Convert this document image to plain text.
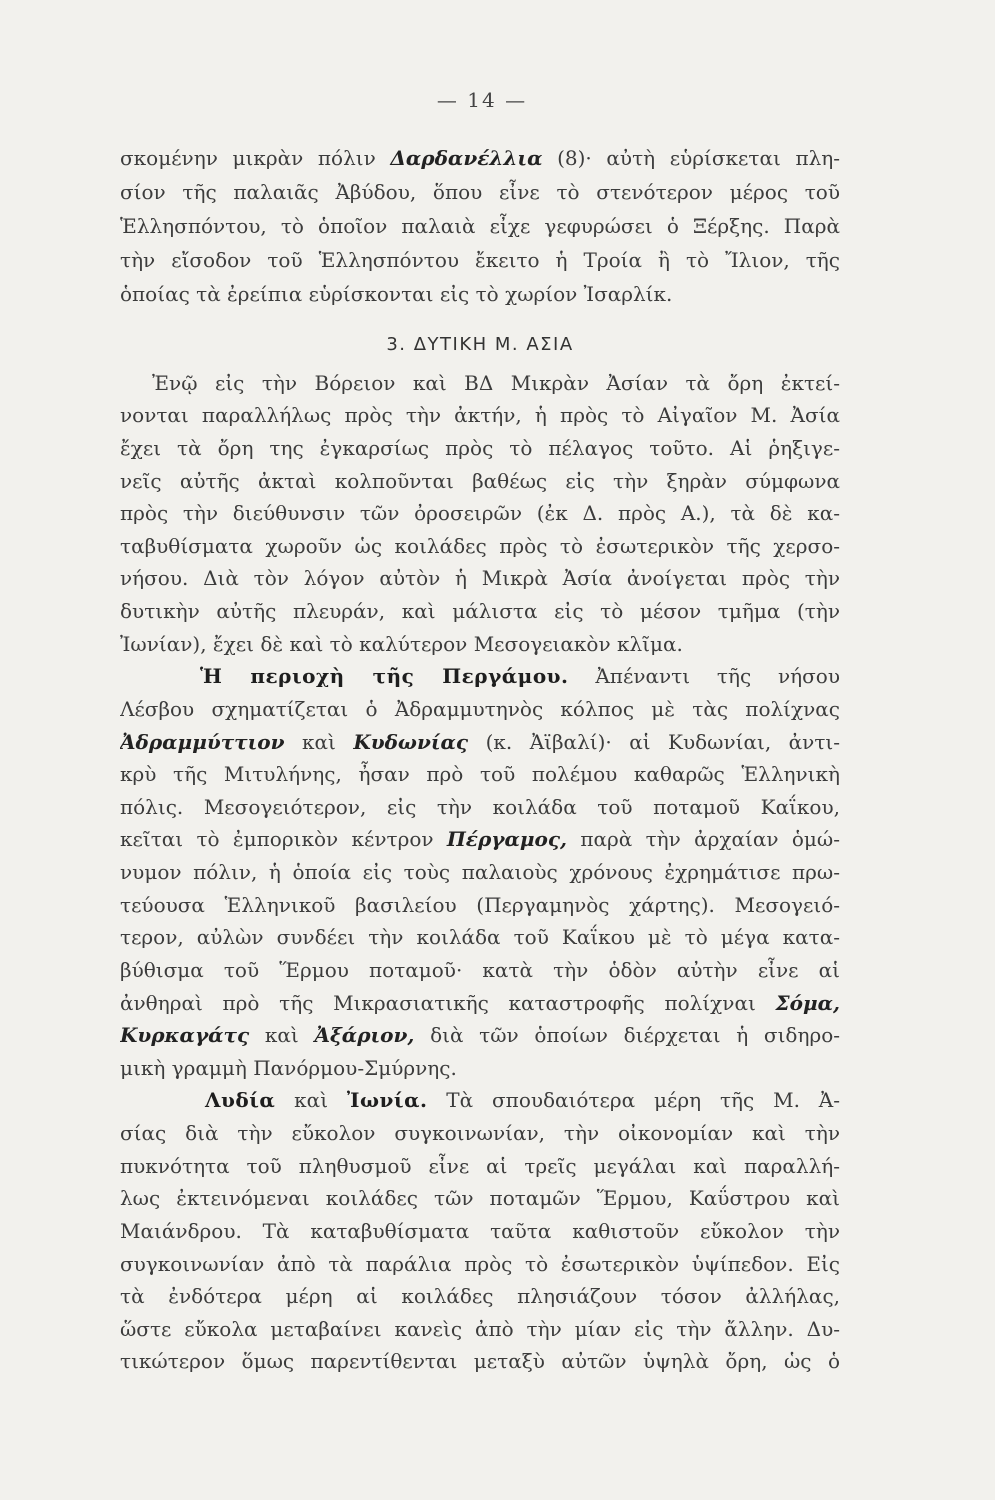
— 14 —
σκομένην μικρὰν πόλιν Δαρδανέλλια (8)· αὐτὴ εὑρίσκεται πλη-
σίον τῆς παλαιᾶς Ἀβύδου, ὅπου εἶνε τὸ στενότερον μέρος τοῦ
Ἑλλησπόντου, τὸ ὁποῖον παλαιὰ εἶχε γεφυρώσει ὁ Ξέρξης. Παρὰ
τὴν εἴσοδον τοῦ Ἑλλησπόντου ἔκειτο ἡ Τροία ἢ τὸ Ἴλιον, τῆς
ὁποίας τὰ ἐρείπια εὑρίσκονται εἰς τὸ χωρίον Ἰσαρλίκ.
3. ΔΥΤΙΚΗ Μ. ΑΣΙΑ
Ἐνῷ εἰς τὴν Βόρειον καὶ ΒΔ Μικρὰν Ἀσίαν τὰ ὄρη ἐκτεί-
νονται παραλλήλως πρὸς τὴν ἀκτήν, ἡ πρὸς τὸ Αἰγαῖον Μ. Ἀσία
ἔχει τὰ ὄρη της ἐγκαρσίως πρὸς τὸ πέλαγος τοῦτο. Αἱ ῥηξιγε-
νεῖς αὐτῆς ἀκταὶ κολποῦνται βαθέως εἰς τὴν ξηρὰν σύμφωνα
πρὸς τὴν διεύθυνσιν τῶν ὀροσειρῶν (ἐκ Δ. πρὸς Α.), τὰ δὲ κα-
ταβυθίσματα χωροῦν ὡς κοιλάδες πρὸς τὸ ἐσωτερικὸν τῆς χερσο-
νήσου. Διὰ τὸν λόγον αὐτὸν ἡ Μικρὰ Ἀσία ἀνοίγεται πρὸς τὴν
δυτικὴν αὐτῆς πλευράν, καὶ μάλιστα εἰς τὸ μέσον τμῆμα (τὴν
Ἰωνίαν), ἔχει δὲ καὶ τὸ καλύτερον Μεσογειακὸν κλῖμα.
Ἡ περιοχὴ τῆς Περγάμου. Ἀπέναντι τῆς νήσου
Λέσβου σχηματίζεται ὁ Ἀδραμμυτηνὸς κόλπος μὲ τὰς πολίχνας
Ἀδραμμύττιον καὶ Κυδωνίας (κ. Ἀϊβαλί)· αἱ Κυδωνίαι, ἀντι-
κρὺ τῆς Μιτυλήνης, ἦσαν πρὸ τοῦ πολέμου καθαρῶς Ἑλληνικὴ
πόλις. Μεσογειότερον, εἰς τὴν κοιλάδα τοῦ ποταμοῦ Καΐκου,
κεῖται τὸ ἐμπορικὸν κέντρον Πέργαμος, παρὰ τὴν ἀρχαίαν ὁμώ-
νυμον πόλιν, ἡ ὁποία εἰς τοὺς παλαιοὺς χρόνους ἐχρημάτισε πρω-
τεύουσα Ἑλληνικοῦ βασιλείου (Περγαμηνὸς χάρτης). Μεσογειό-
τερον, αὐλὼν συνδέει τὴν κοιλάδα τοῦ Καΐκου μὲ τὸ μέγα κατα-
βύθισμα τοῦ Ἕρμου ποταμοῦ· κατὰ τὴν ὁδὸν αὐτὴν εἶνε αἱ
ἀνθηραὶ πρὸ τῆς Μικρασιατικῆς καταστροφῆς πολίχναι Σόμα,
Κυρκαγάτς καὶ Ἀξάριον, διὰ τῶν ὁποίων διέρχεται ἡ σιδηρο-
μικὴ γραμμὴ Πανόρμου-Σμύρνης.
Λυδία καὶ Ἰωνία. Τὰ σπουδαιότερα μέρη τῆς Μ. Ἀ-
σίας διὰ τὴν εὔκολον συγκοινωνίαν, τὴν οἰκονομίαν καὶ τὴν
πυκνότητα τοῦ πληθυσμοῦ εἶνε αἱ τρεῖς μεγάλαι καὶ παραλλή-
λως ἐκτεινόμεναι κοιλάδες τῶν ποταμῶν Ἕρμου, Καΰστρου καὶ
Μαιάνδρου. Τὰ καταβυθίσματα ταῦτα καθιστοῦν εὔκολον τὴν
συγκοινωνίαν ἀπὸ τὰ παράλια πρὸς τὸ ἐσωτερικὸν ὑψίπεδον. Εἰς
τὰ ἐνδότερα μέρη αἱ κοιλάδες πλησιάζουν τόσον ἀλλήλας,
ὥστε εὔκολα μεταβαίνει κανεὶς ἀπὸ τὴν μίαν εἰς τὴν ἄλλην. Δυ-
τικώτερον ὅμως παρεντίθενται μεταξὺ αὐτῶν ὑψηλὰ ὄρη, ὡς ὁ
